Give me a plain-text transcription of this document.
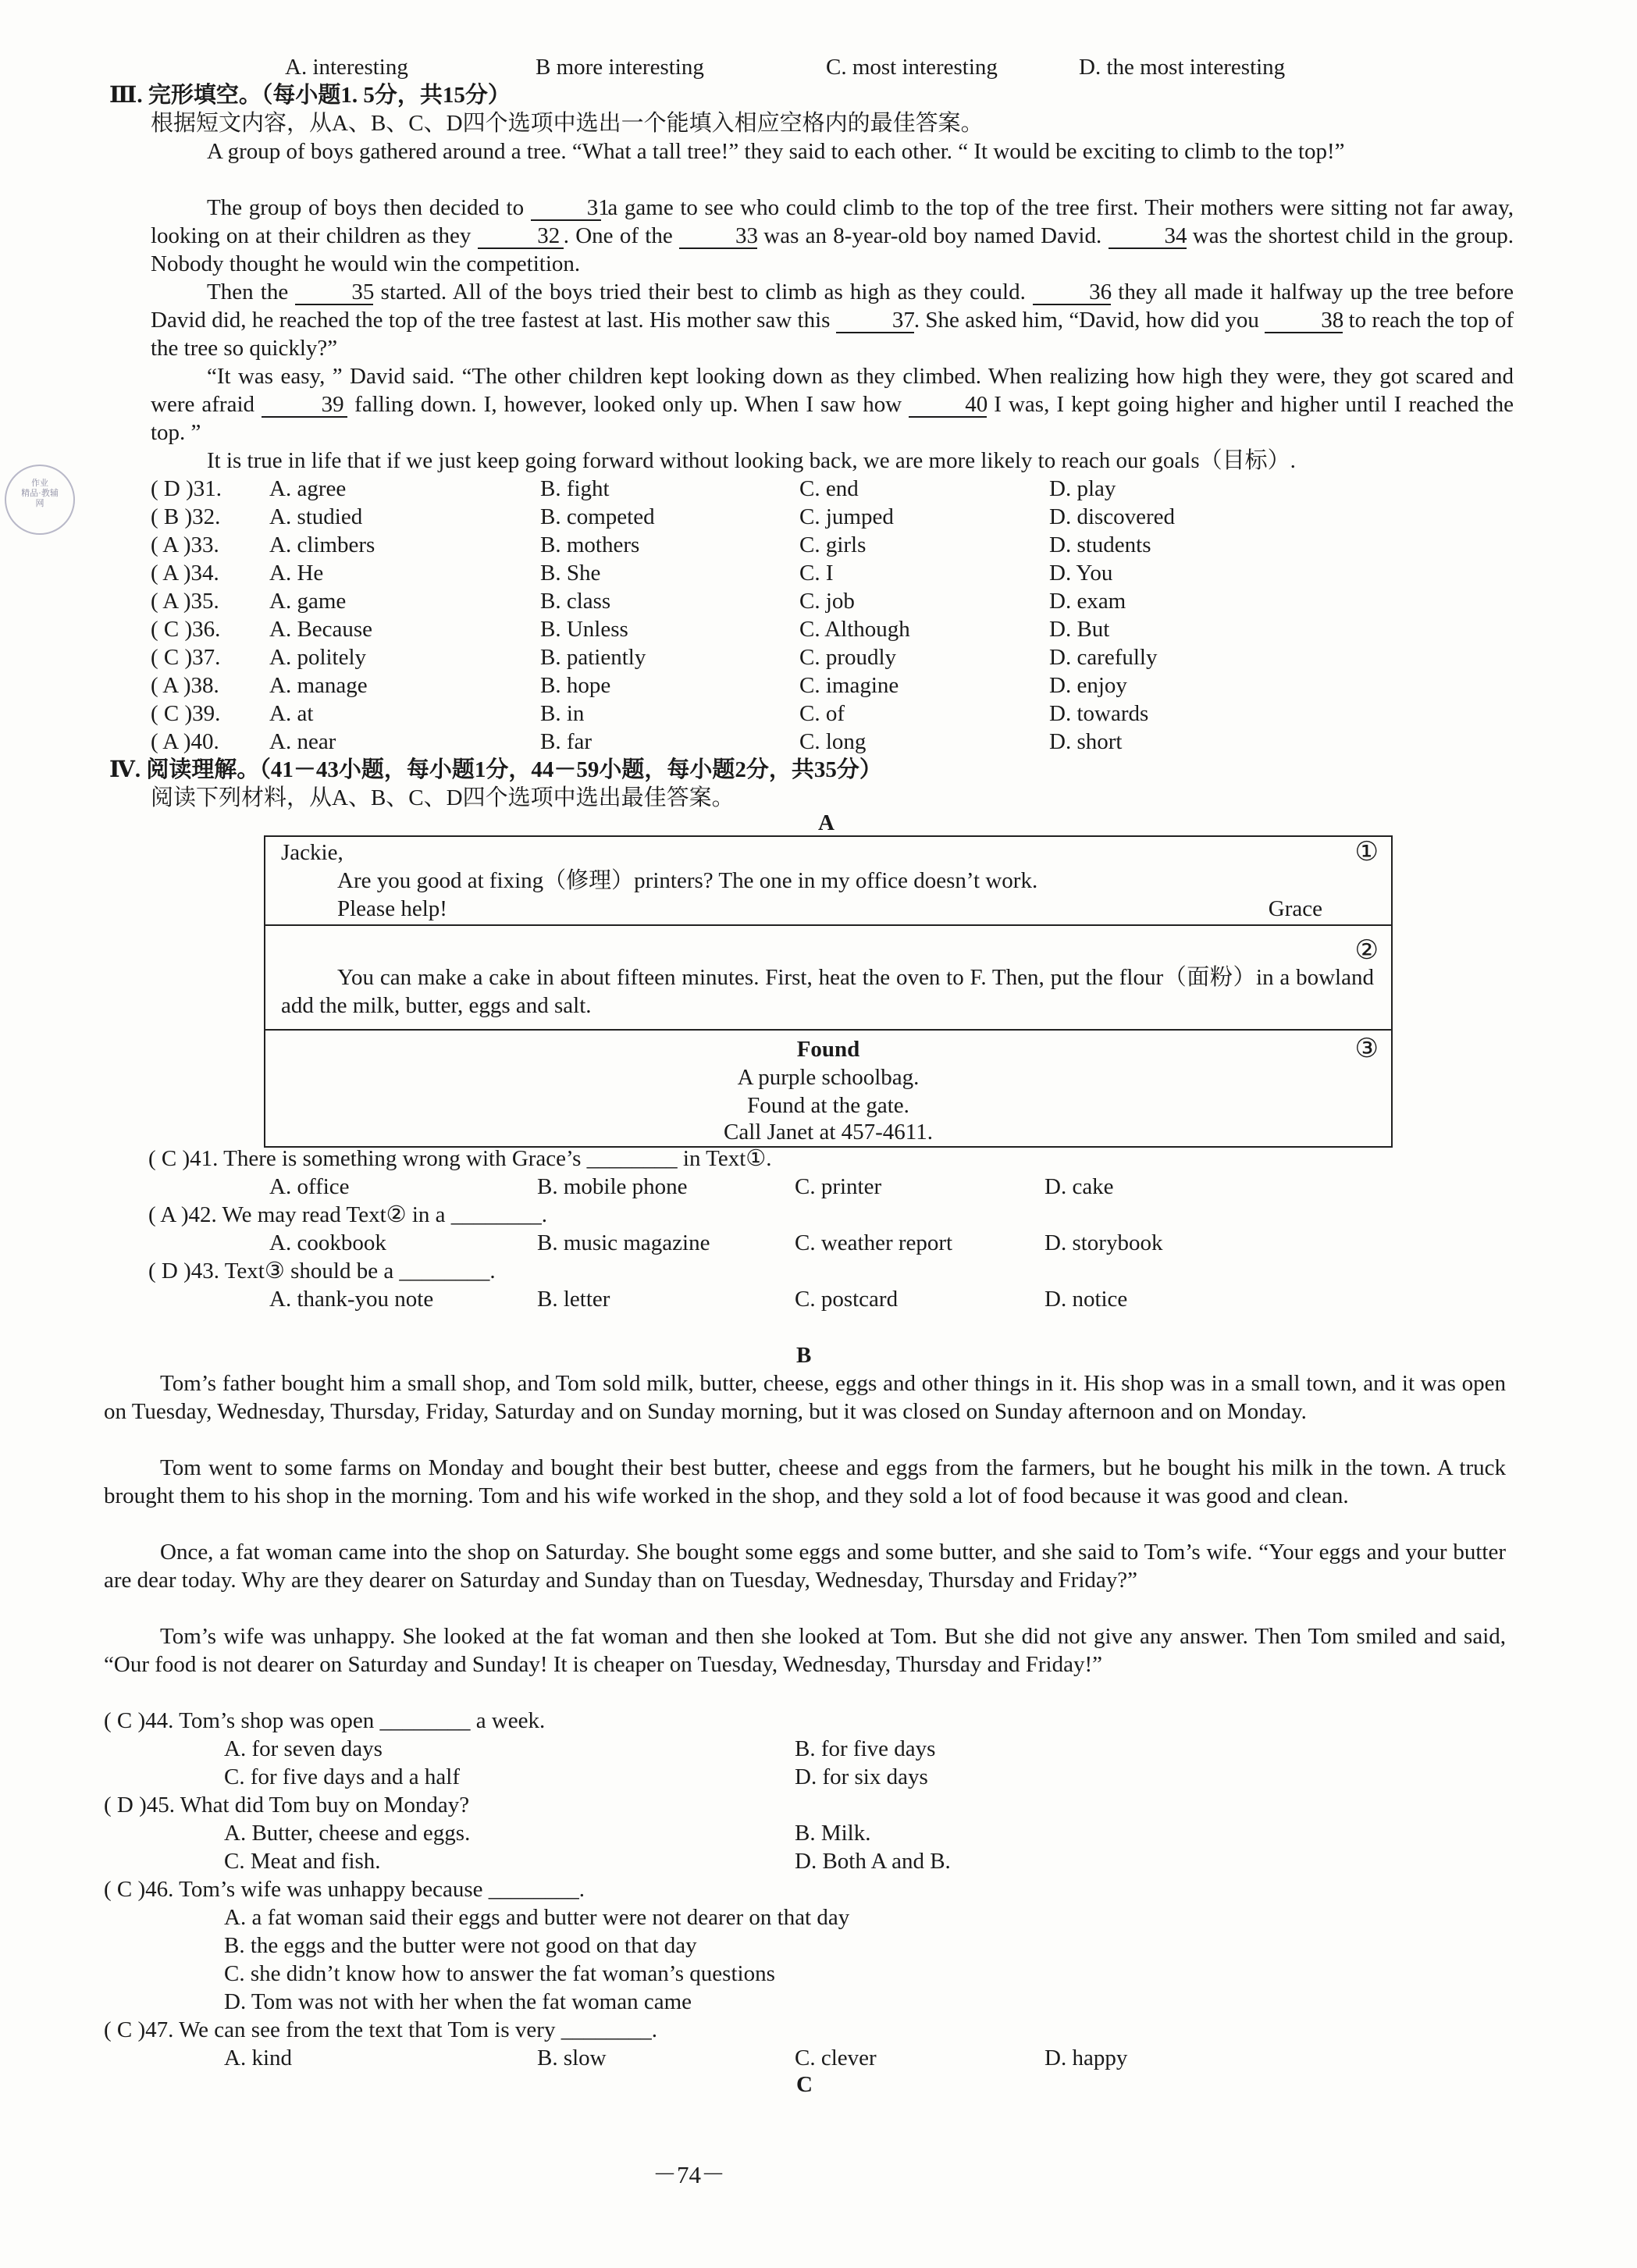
作业
精品·教辅
网
A. interesting	B more interesting	C. most interesting	D. the most interesting
Ⅲ. 完形填空。（每小题1. 5分，共15分）
根据短文内容，从A、B、C、D四个选项中选出一个能填入相应空格内的最佳答案。
A group of boys gathered around a tree. “What a tall tree!” they said to each other. “ It would be exciting to climb to the top!”
The group of boys then decided to	31 a game to see who could climb to the top of the tree first. Their mothers were sitting not far away, looking on at their children as they	32 . One of the	33 was an 8-year-old boy named David.	34 was the shortest child in the group. Nobody thought he would win the competition.
Then the	35 started. All of the boys tried their best to climb as high as they could.	36 they all made it halfway up the tree before David did, he reached the top of the tree fastest at last. His mother saw this	37. She asked him, “David, how did you	38 to reach the top of the tree so quickly?”
“It was easy, ” David said. “The other children kept looking down as they climbed. When realizing how high they were, they got scared and were afraid	39 falling down. I, however, looked only up. When I saw how	40 I was, I kept going higher and higher until I reached the top. ”
It is true in life that if we just keep going forward without looking back, we are more likely to reach our goals（目标）.
( D )31. A. agree	B. fight	C. end	D. play
( B )32. A. studied	B. competed	C. jumped	D. discovered
( A )33. A. climbers	B. mothers	C. girls	D. students
( A )34. A. He	B. She	C. I	D. You
( A )35. A. game	B. class	C. job	D. exam
( C )36. A. Because	B. Unless	C. Although	D. But
( C )37. A. politely	B. patiently	C. proudly	D. carefully
( A )38. A. manage	B. hope	C. imagine	D. enjoy
( C )39. A. at	B. in	C. of	D. towards
( A )40. A. near	B. far	C. long	D. short
Ⅳ. 阅读理解。（41－43小题，每小题1分，44－59小题，每小题2分，共35分）
阅读下列材料，从A、B、C、D四个选项中选出最佳答案。
A
Jackie,	①
Are you good at fixing（修理）printers? The one in my office doesn’t work.
Please help!	Grace
②
You can make a cake in about fifteen minutes. First, heat the oven to F. Then, put the flour（面粉）in a bowland add the milk, butter, eggs and salt.
③
Found
A purple schoolbag.
Found at the gate.
Call Janet at 457-4611.
( C )41. There is something wrong with Grace’s ________ in Text①.
A. office	B. mobile phone	C. printer	D. cake
( A )42. We may read Text② in a ________.
A. cookbook	B. music magazine	C. weather report	D. storybook
( D )43. Text③ should be a ________.
A. thank-you note	B. letter	C. postcard	D. notice
B
Tom’s father bought him a small shop, and Tom sold milk, butter, cheese, eggs and other things in it. His shop was in a small town, and it was open on Tuesday, Wednesday, Thursday, Friday, Saturday and on Sunday morning, but it was closed on Sunday afternoon and on Monday.
Tom went to some farms on Monday and bought their best butter, cheese and eggs from the farmers, but he bought his milk in the town. A truck brought them to his shop in the morning. Tom and his wife worked in the shop, and they sold a lot of food because it was good and clean.
Once, a fat woman came into the shop on Saturday. She bought some eggs and some butter, and she said to Tom’s wife. “Your eggs and your butter are dear today. Why are they dearer on Saturday and Sunday than on Tuesday, Wednesday, Thursday and Friday?”
Tom’s wife was unhappy. She looked at the fat woman and then she looked at Tom. But she did not give any answer. Then Tom smiled and said, “Our food is not dearer on Saturday and Sunday! It is cheaper on Tuesday, Wednesday, Thursday and Friday!”
( C )44. Tom’s shop was open ________ a week.
A. for seven days	B. for five days
C. for five days and a half	D. for six days
( D )45. What did Tom buy on Monday?
A. Butter, cheese and eggs.	B. Milk.
C. Meat and fish.	D. Both A and B.
( C )46. Tom’s wife was unhappy because ________.
A. a fat woman said their eggs and butter were not dearer on that day
B. the eggs and the butter were not good on that day
C. she didn’t know how to answer the fat woman’s questions
D. Tom was not with her when the fat woman came
( C )47. We can see from the text that Tom is very ________.
A. kind	B. slow	C. clever	D. happy
C
－74－
